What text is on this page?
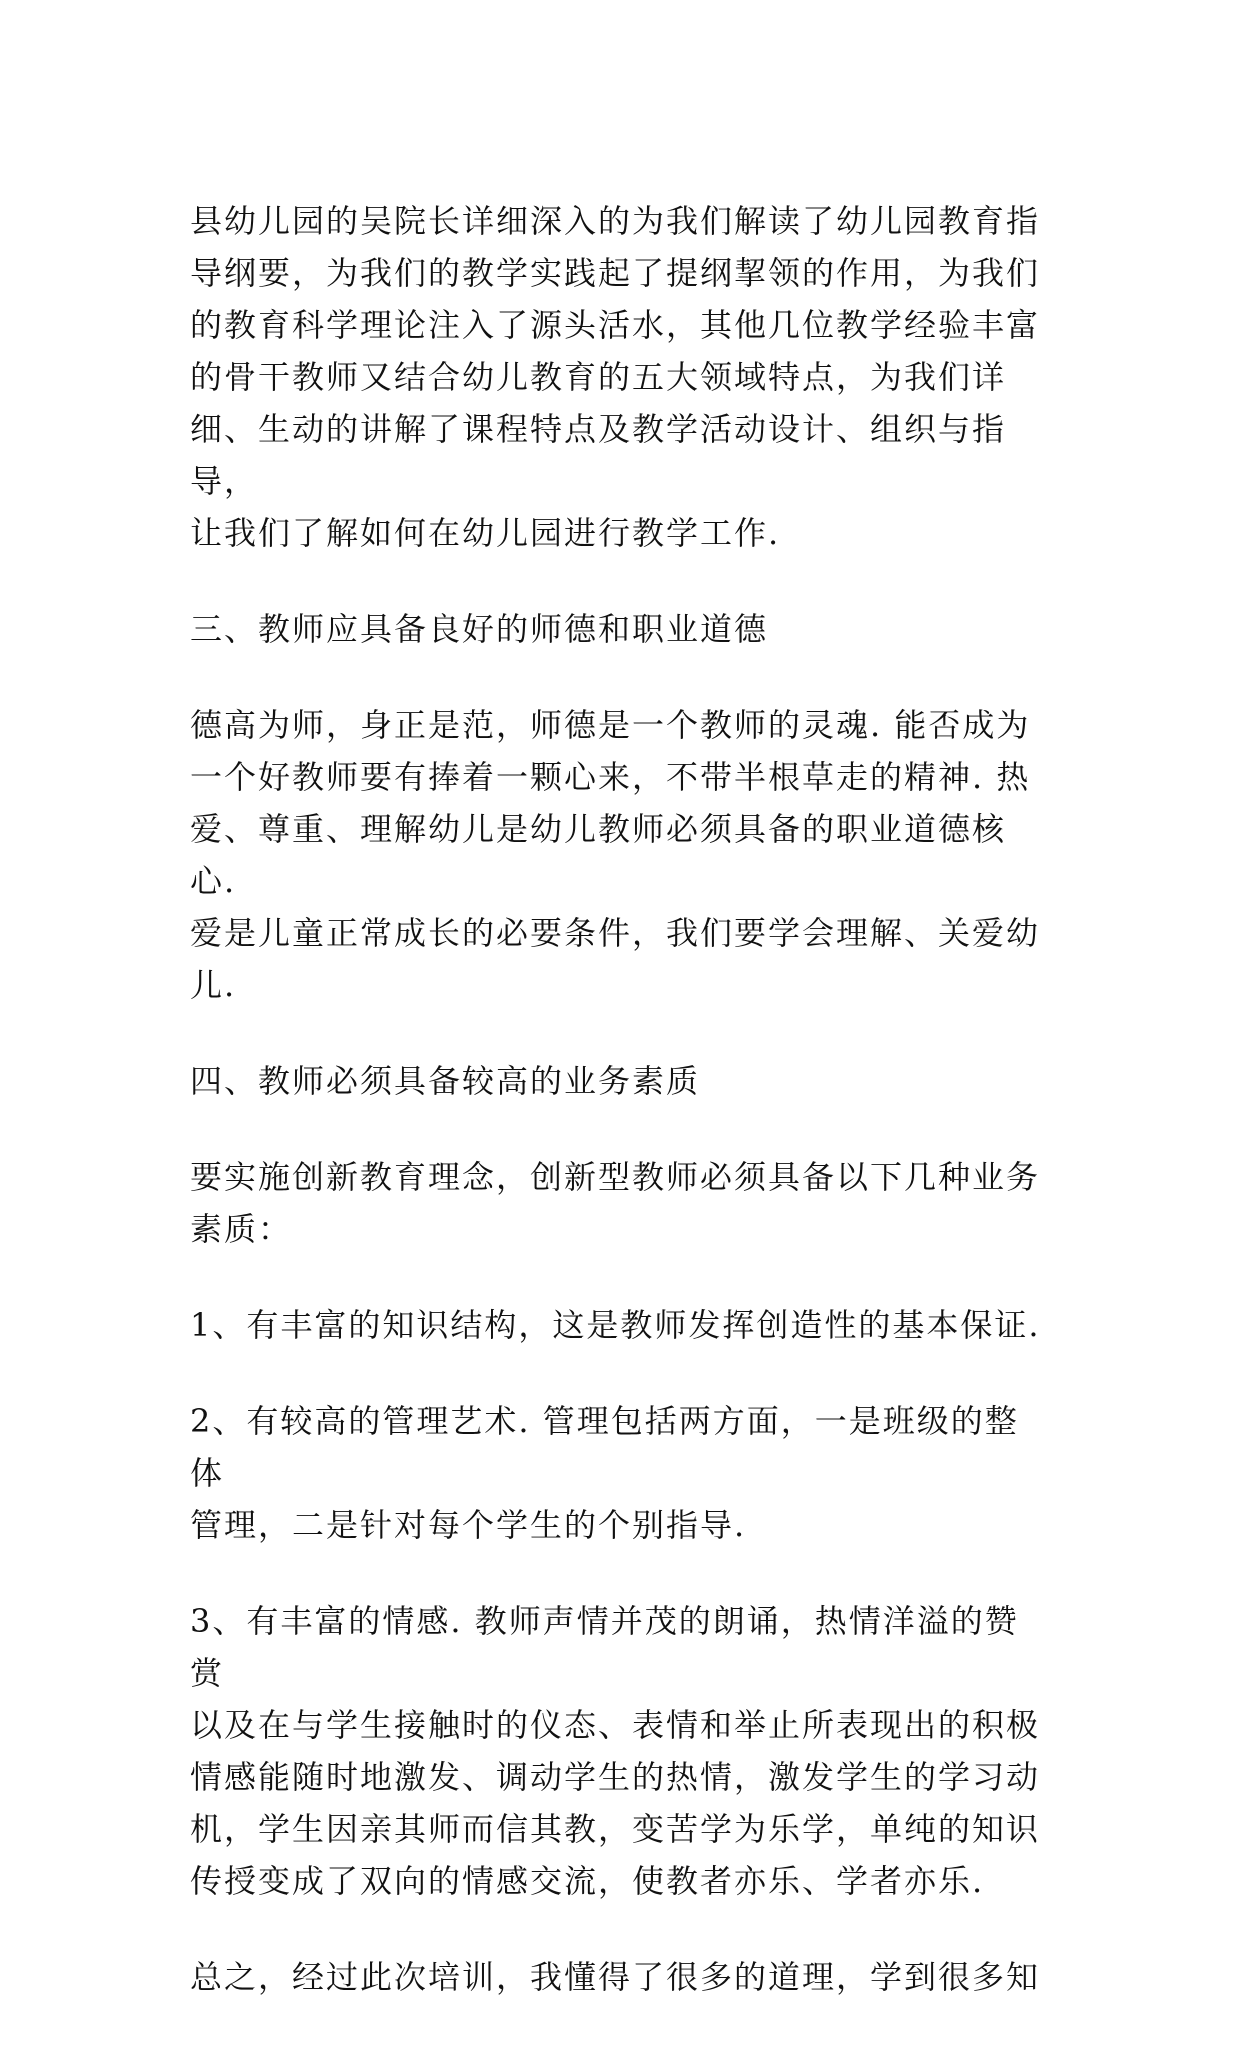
县幼儿园的吴院长详细深入的为我们解读了幼儿园教育指
导纲要，为我们的教学实践起了提纲挈领的作用，为我们
的教育科学理论注入了源头活水，其他几位教学经验丰富
的骨干教师又结合幼儿教育的五大领域特点，为我们详
细、生动的讲解了课程特点及教学活动设计、组织与指导，
让我们了解如何在幼儿园进行教学工作.

三、教师应具备良好的师德和职业道德

德高为师，身正是范，师德是一个教师的灵魂. 能否成为
一个好教师要有捧着一颗心来，不带半根草走的精神. 热
爱、尊重、理解幼儿是幼儿教师必须具备的职业道德核心.
爱是儿童正常成长的必要条件，我们要学会理解、关爱幼
儿.

四、教师必须具备较高的业务素质

要实施创新教育理念，创新型教师必须具备以下几种业务
素质：

1、有丰富的知识结构，这是教师发挥创造性的基本保证.

2、有较高的管理艺术. 管理包括两方面，一是班级的整体
管理，二是针对每个学生的个别指导.

3、有丰富的情感. 教师声情并茂的朗诵，热情洋溢的赞赏
以及在与学生接触时的仪态、表情和举止所表现出的积极
情感能随时地激发、调动学生的热情，激发学生的学习动
机，学生因亲其师而信其教，变苦学为乐学，单纯的知识
传授变成了双向的情感交流，使教者亦乐、学者亦乐.

总之，经过此次培训，我懂得了很多的道理，学到很多知
